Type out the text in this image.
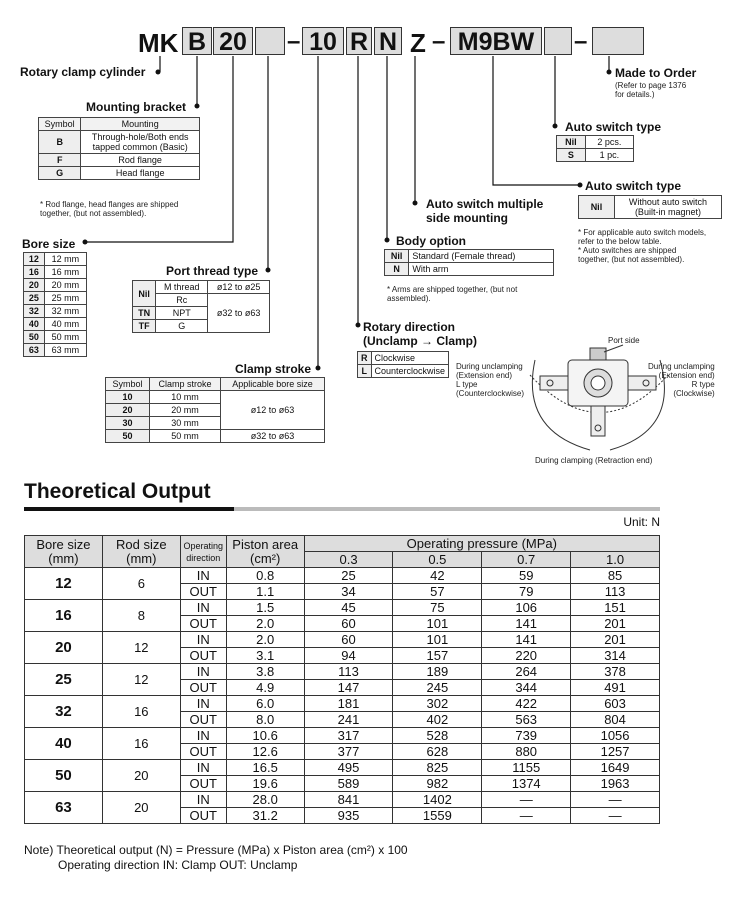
MK B 20 – 10 R N Z – M9BW	–
Rotary clamp cylinder
Mounting bracket
Symbol	Mounting
B	Through-hole/Both ends
tapped common (Basic)
F	Rod flange
G	Head flange
* Rod flange, head flanges are shipped
together, (but not assembled).
Bore size
12	12 mm
16	16 mm
20	20 mm
25	25 mm
32	32 mm
40	40 mm
50	50 mm
63	63 mm
Port thread type
Nil	M thread	ø12 to ø25
	Rc	ø32 to ø63
TN	NPT	
TF	G	
Clamp stroke
Symbol	Clamp stroke	Applicable bore size
10	10 mm	ø12 to ø63
20	20 mm	
30	30 mm	
50	50 mm	ø32 to ø63
Rotary direction
(Unclamp → Clamp)
R	Clockwise
L	Counterclockwise
Body option
Nil	Standard (Female thread)
N	With arm
* Arms are shipped together, (but not
assembled).
Auto switch multiple
side mounting
Auto switch type
Nil	2 pcs.
S	1 pc.
Made to Order
(Refer to page 1376
for details.)
Auto switch type
Nil	Without auto switch
(Built-in magnet)
* For applicable auto switch models,
refer to the below table.
* Auto switches are shipped
together, (but not assembled).
Port side
During unclamping
(Extension end)
L type
(Counterclockwise)
During unclamping
(Extension end)
R type
(Clockwise)
During clamping (Retraction end)
Theoretical Output
Unit: N
Bore size
(mm)	Rod size
(mm)	Operating
direction	Piston area
(cm²)	Operating pressure (MPa)			
				0.3	0.5	0.7	1.0
12	6	IN	0.8	25	42	59	85
		OUT	1.1	34	57	79	113
16	8	IN	1.5	45	75	106	151
		OUT	2.0	60	101	141	201
20	12	IN	2.0	60	101	141	201
		OUT	3.1	94	157	220	314
25	12	IN	3.8	113	189	264	378
		OUT	4.9	147	245	344	491
32	16	IN	6.0	181	302	422	603
		OUT	8.0	241	402	563	804
40	16	IN	10.6	317	528	739	1056
		OUT	12.6	377	628	880	1257
50	20	IN	16.5	495	825	1155	1649
		OUT	19.6	589	982	1374	1963
63	20	IN	28.0	841	1402	—	—
		OUT	31.2	935	1559	—	—
Note) Theoretical output (N) = Pressure (MPa) x Piston area (cm²) x 100
Operating direction IN: Clamp OUT: Unclamp
